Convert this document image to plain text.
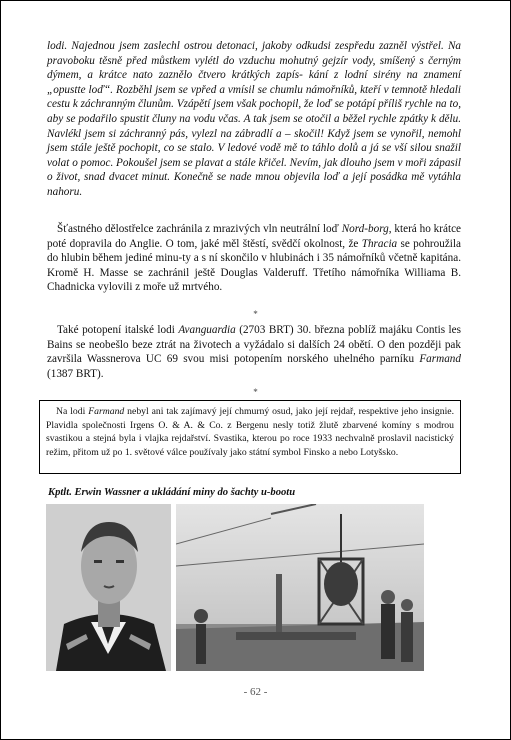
lodi. Najednou jsem zaslechl ostrou detonaci, jakoby odkudsi zespředu zazněl výstřel. Na pravoboku těsně před můstkem vylétl do vzduchu mohutný gejzír vody, smíšený s černým dýmem, a krátce nato zaznělo čtvero krátkých zapís- kání z lodní sirény na znamení „opustte loď“. Rozběhl jsem se vpřed a vmísil se chumlu námořníků, kteří v temnotě hledali cestu k záchranným člunům. Vzápětí jsem však pochopil, že loď se potápí příliš rychle na to, aby se podařilo spustit čluny na vodu včas. A tak jsem se otočil a běžel rychle zpátky k dělu. Navlékl jsem si záchranný pás, vylezl na zábradlí a – skočil! Když jsem se vynořil, nemohl jsem stále ještě pochopit, co se stalo. V ledové vodě mě to táhlo dolů a já se vší silou snažil volat o pomoc. Pokoušel jsem se plavat a stále křičel. Nevím, jak dlouho jsem v moři zápasil o život, snad dvacet minut. Konečně se nade mnou objevila loď a její posádka mě vytáhla nahoru.
Šťastného dělostřelce zachránila z mrazivých vln neutrální loď Nord-borg, která ho krátce poté dopravila do Anglie. O tom, jaké měl štěstí, svědčí okolnost, že Thracia se pohroužila do hlubin během jediné minu-ty a s ní skončilo v hlubinách i 35 námořníků včetně kapitána. Kromě H. Masse se zachránil ještě Douglas Valderuff. Třetího námořníka Williama B. Chadnicka vylovili z moře už mrtvého.
*
Také potopení italské lodi Avanguardia (2703 BRT) 30. března poblíž majáku Contis les Bains se neobešlo beze ztrát na životech a vyžádalo si dalších 24 obětí. O den později pak završila Wassnerova UC 69 svou misi potopením norského uhelného parníku Farmand (1387 BRT).
*
Na lodi Farmand nebyl ani tak zajímavý její chmurný osud, jako její rejdař, respektive jeho insignie. Plavidla společnosti Irgens O. & A. & Co. z Bergenu nesly totiž žlutě zbarvené komíny s modrou svastikou a stejná byla i vlajka rejdařství. Svastika, kterou po roce 1933 nechvalně proslavil nacistický režim, přitom už po 1. světové válce používaly jako státní symbol Finsko a nebo Lotyšsko.
Kptlt. Erwin Wassner a ukládání miny do šachty u-bootu
- 62 -
